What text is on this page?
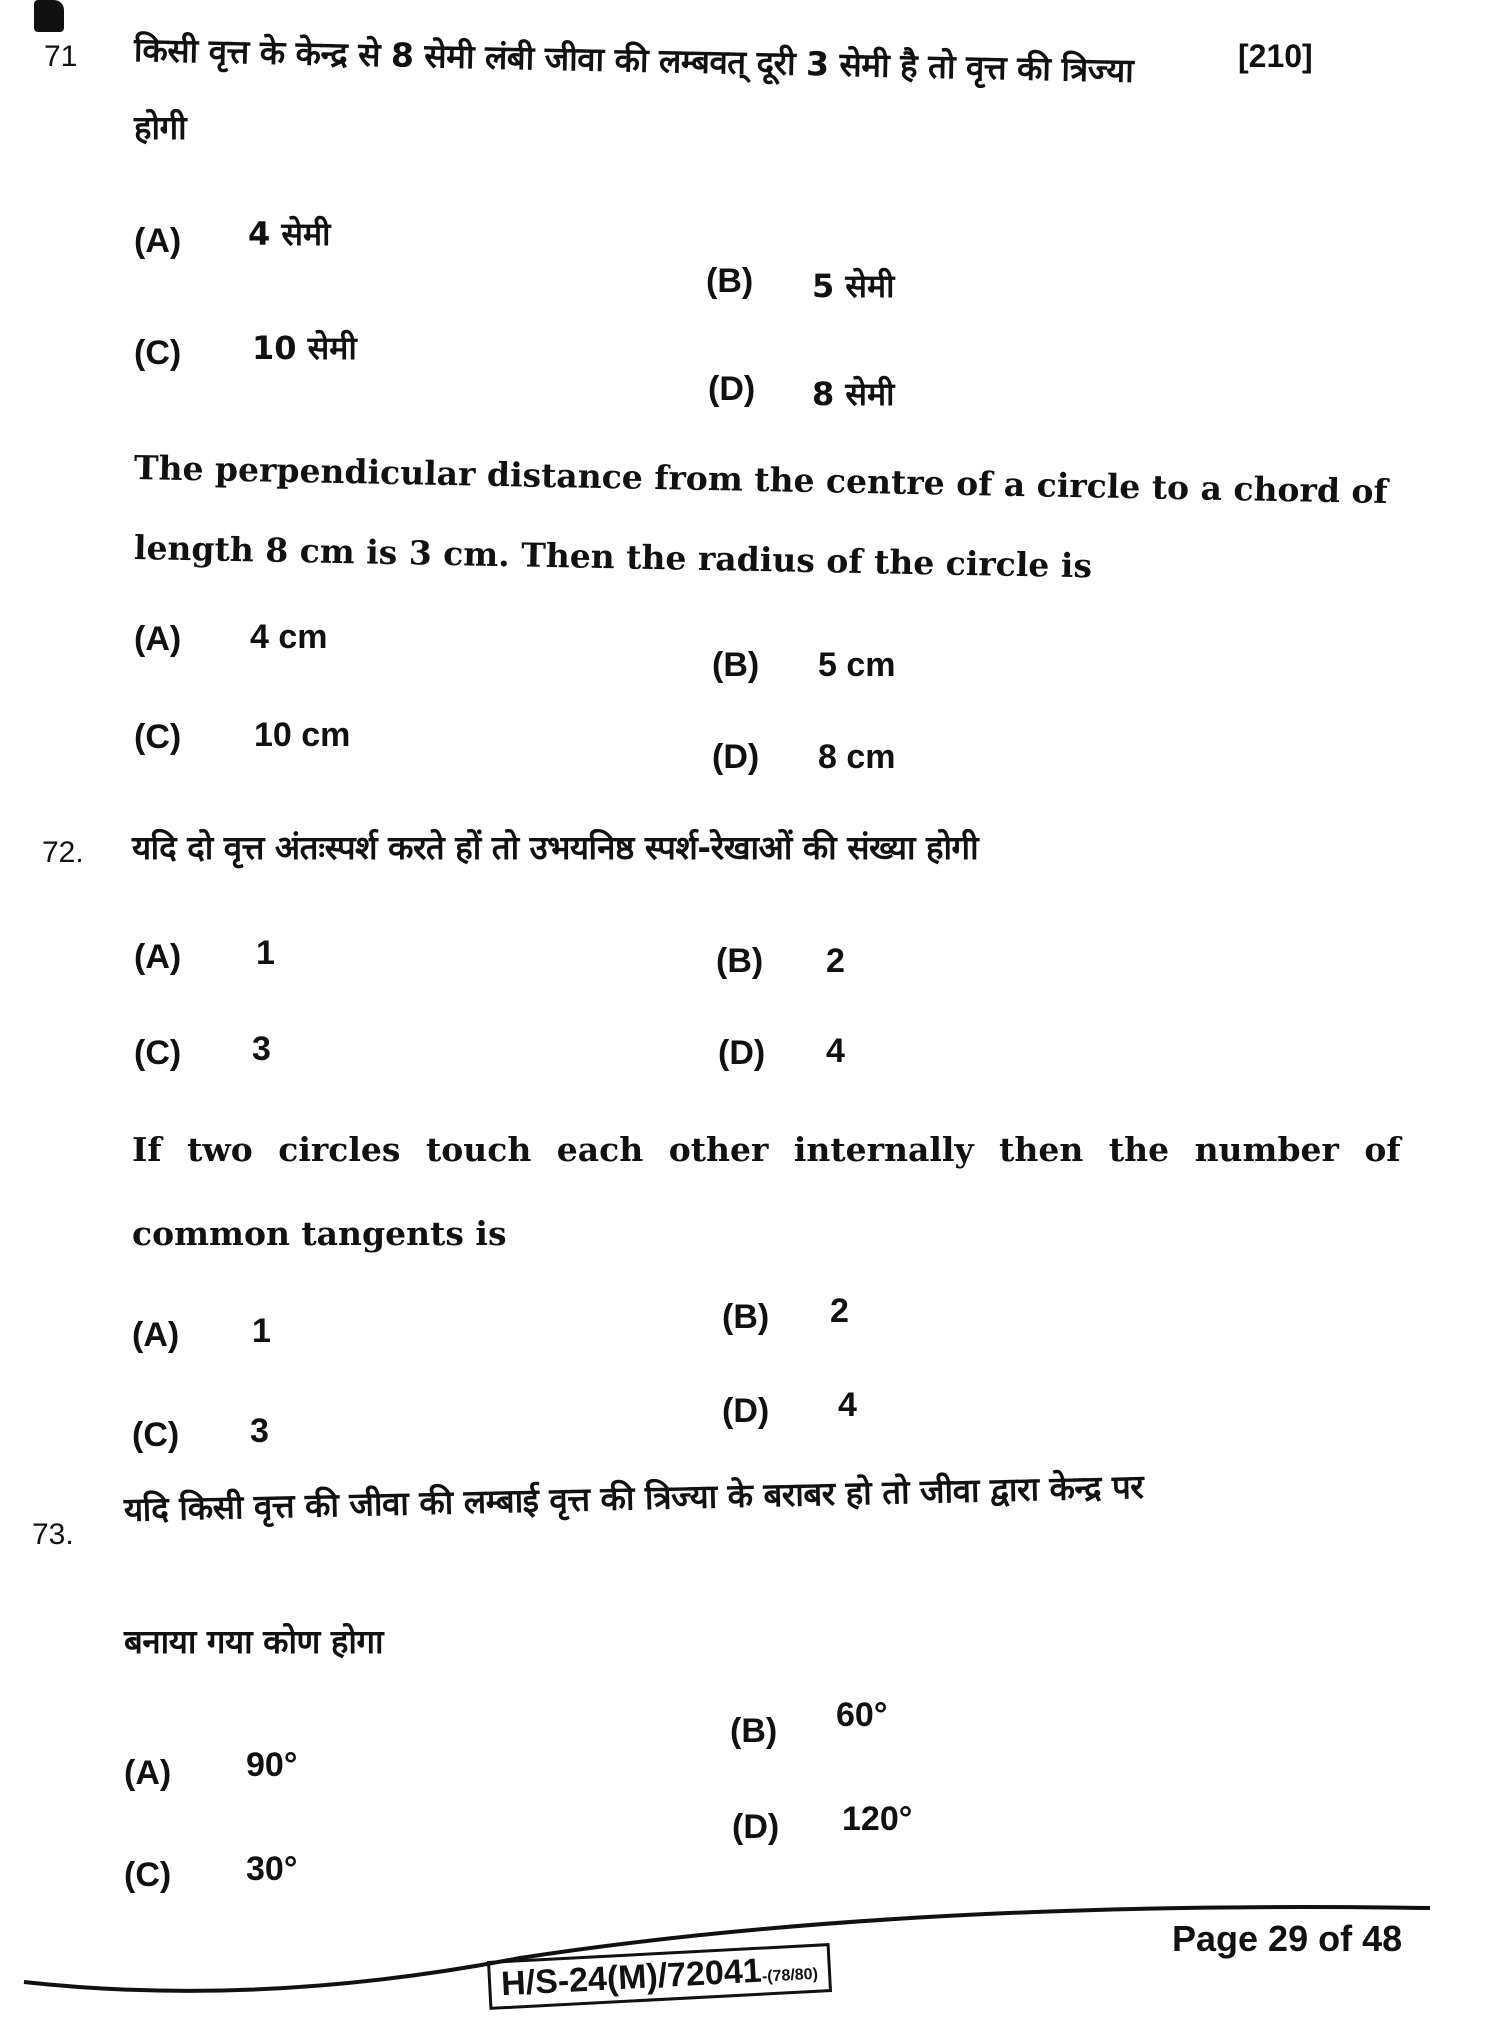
[210]
71 किसी वृत्त के केन्द्र से 8 सेमी लंबी जीवा की लम्बवत् दूरी 3 सेमी है तो वृत्त की त्रिज्या
होगी
(A) 4 सेमी
(B) 5 सेमी
(C) 10 सेमी
(D) 8 सेमी
The perpendicular distance from the centre of a circle to a chord of
length 8 cm is 3 cm. Then the radius of the circle is
(A) 4 cm
(B) 5 cm
(C) 10 cm
(D) 8 cm
72. यदि दो वृत्त अंतःस्पर्श करते हों तो उभयनिष्ठ स्पर्श-रेखाओं की संख्या होगी
(A) 1	(B) 2
(C) 3	(D) 4
If two circles touch each other internally then the number of
common tangents is
(A) 1	(B) 2
(C) 3
(D) 4
73.
यदि किसी वृत्त की जीवा की लम्बाई वृत्त की त्रिज्या के बराबर हो तो जीवा द्वारा केन्द्र पर
बनाया गया कोण होगा
(A) 90°
(B) 60°
(C) 30°
(D) 120°
H/S-24(M)/72041-(78/80)
Page 29 of 48
